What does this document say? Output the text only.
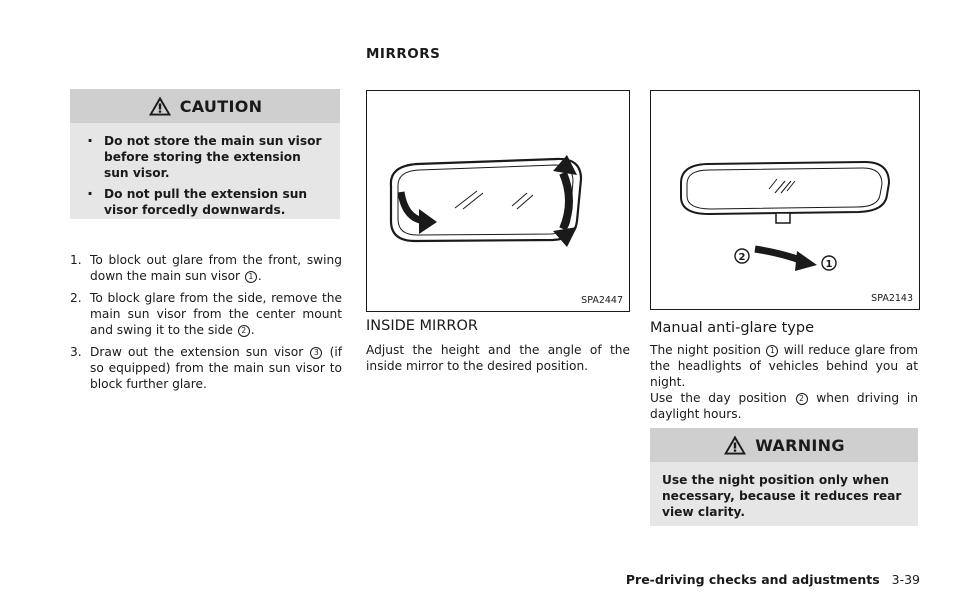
MIRRORS
CAUTION
. Do not store the main sun visor before storing the extension sun visor.
. Do not pull the extension sun visor forcedly downwards.
1. To block out glare from the front, swing down the main sun visor 1 .
2. To block glare from the side, remove the main sun visor from the center mount and swing it to the side 2 .
3. Draw out the extension sun visor 3 (if so equipped) from the main sun visor to block further glare.
SPA2447
INSIDE MIRROR

Adjust the height and the angle of the inside mirror to the desired position.

2
1
SPA2143
Manual anti-glare type

The night position 1 will reduce glare from the headlights of vehicles behind you at night.

Use the day position 2 when driving in daylight hours.

WARNING

Use the night position only when necessary, because it reduces rear view clarity.

Pre-driving checks and adjustments 3-39
